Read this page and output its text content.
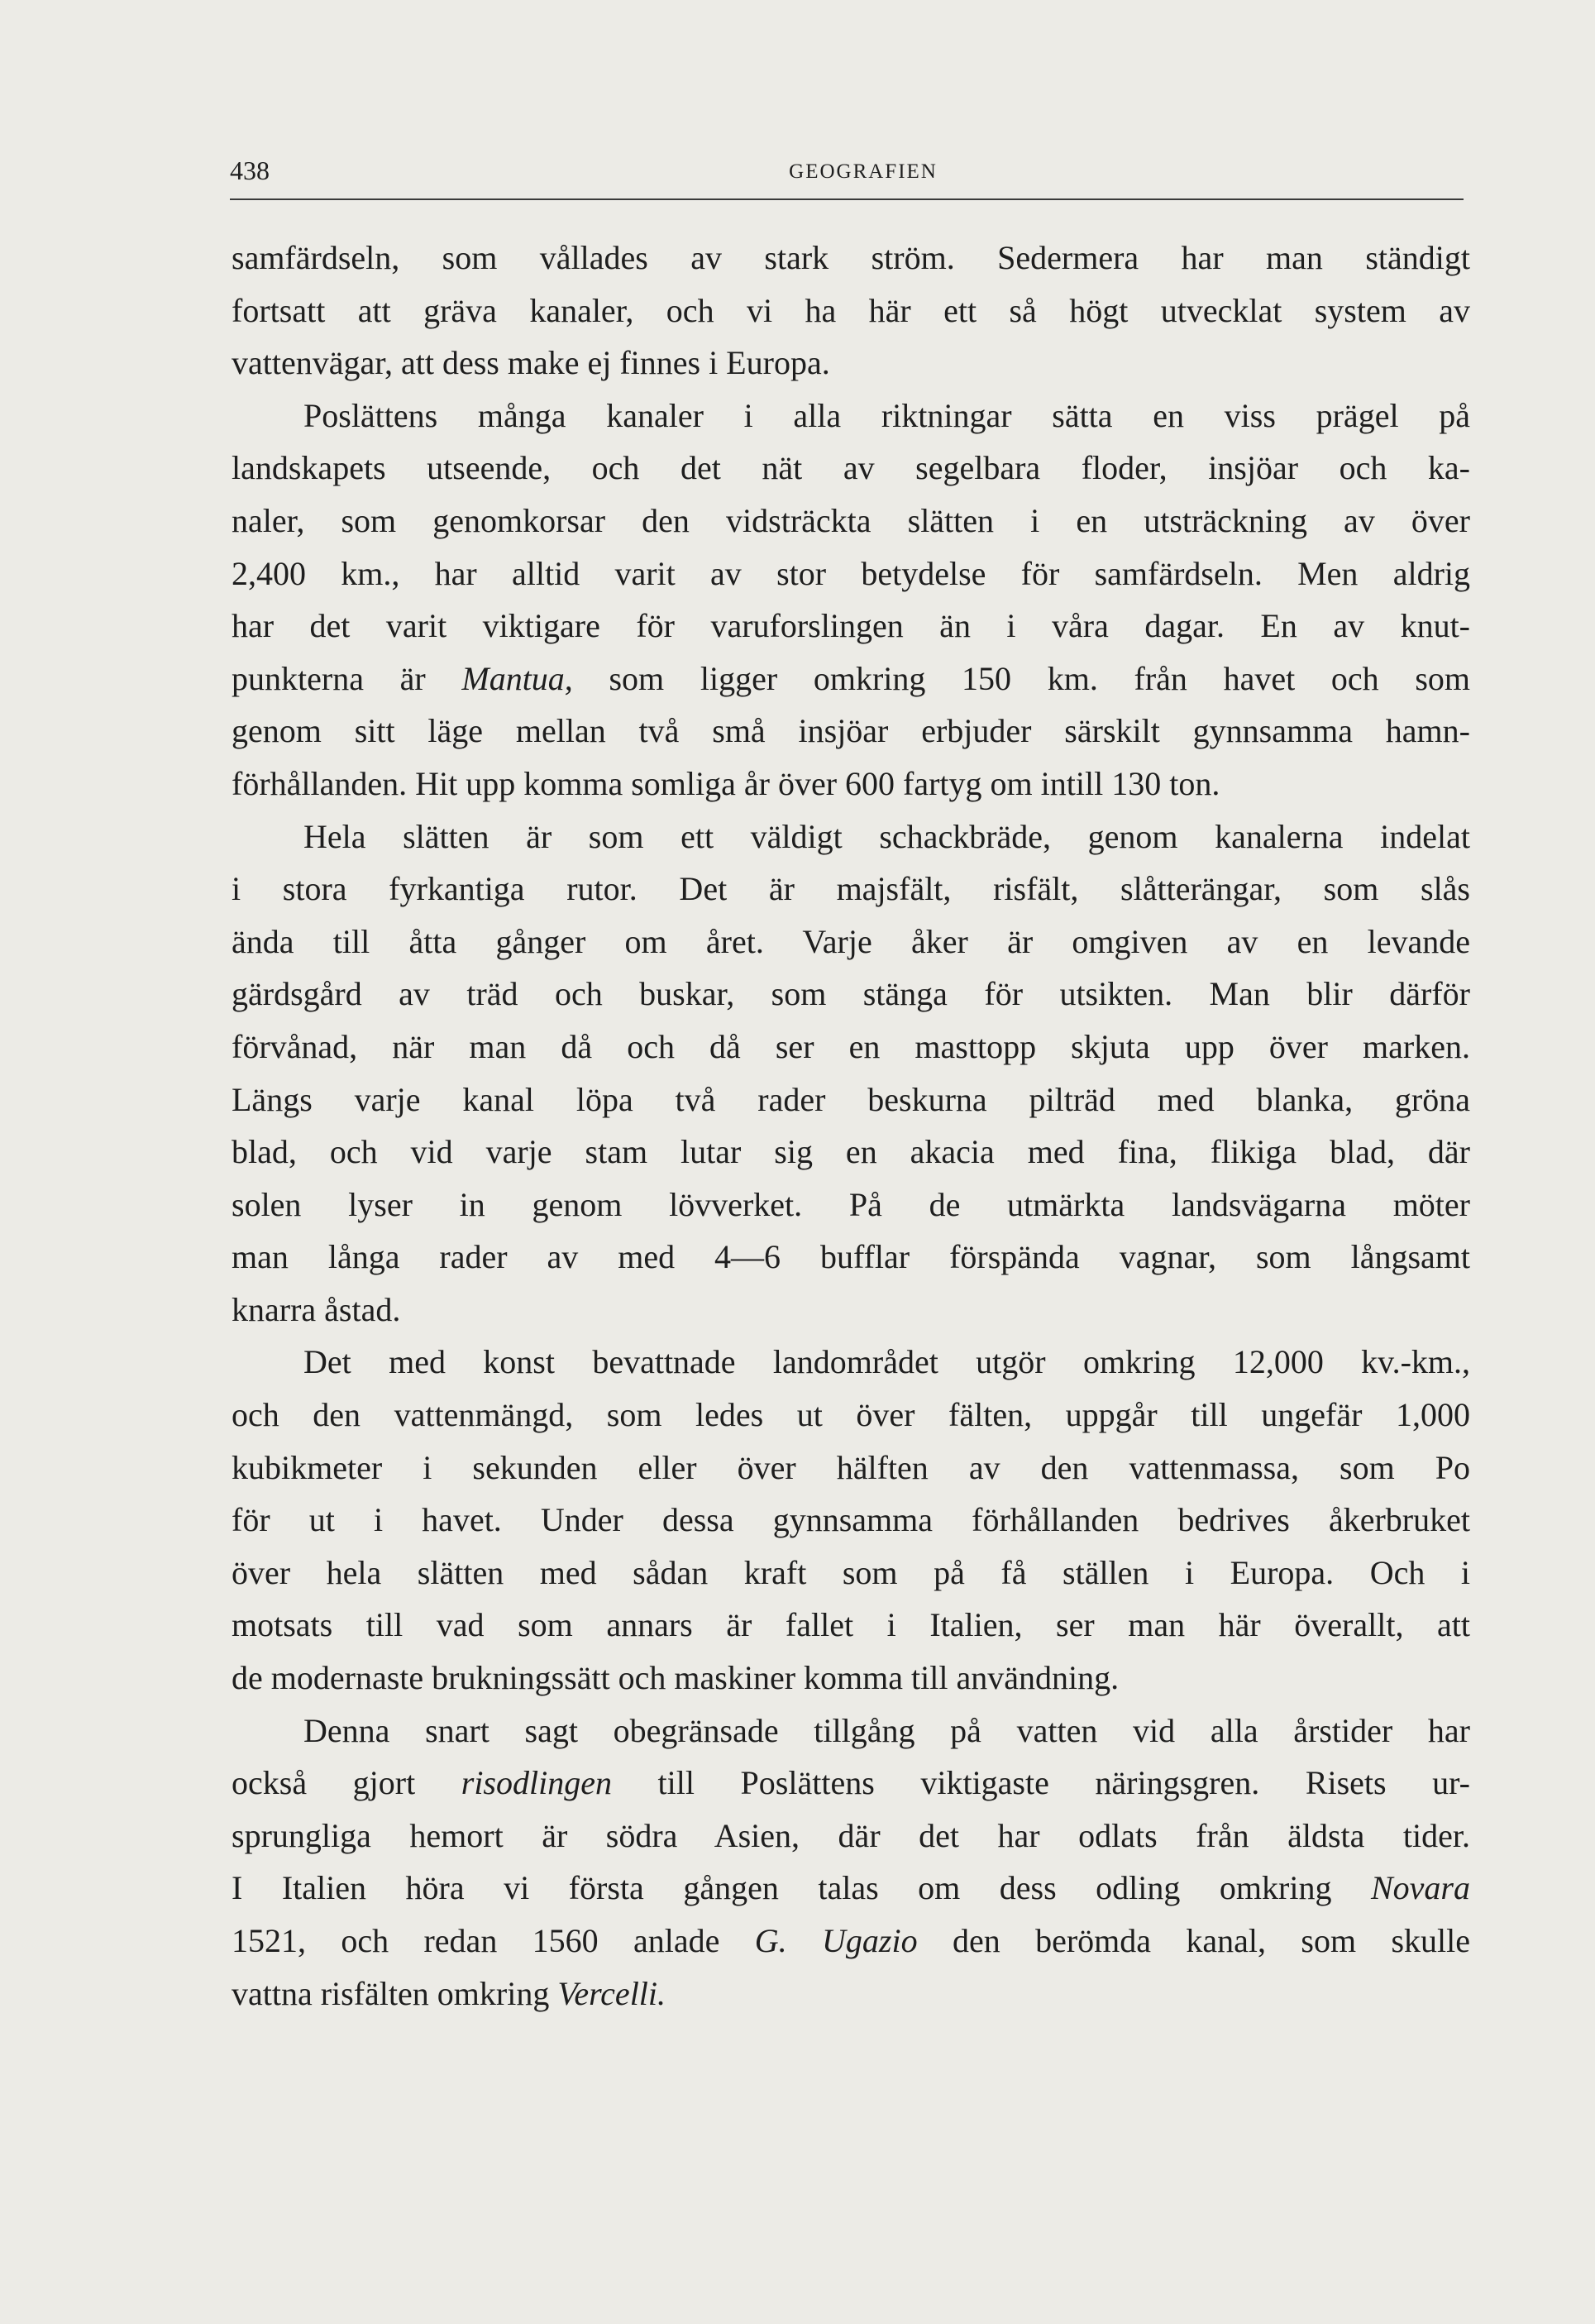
438	GEOGRAFIEN
samfärdseln, som vållades av stark ström. Sedermera har man ständigt
fortsatt att gräva kanaler, och vi ha här ett så högt utvecklat system av
vattenvägar, att dess make ej finnes i Europa.
Poslättens många kanaler i alla riktningar sätta en viss prägel på
landskapets utseende, och det nät av segelbara floder, insjöar och ka-
naler, som genomkorsar den vidsträckta slätten i en utsträckning av över
2,400 km., har alltid varit av stor betydelse för samfärdseln. Men aldrig
har det varit viktigare för varuforslingen än i våra dagar. En av knut-
punkterna är Mantua, som ligger omkring 150 km. från havet och som
genom sitt läge mellan två små insjöar erbjuder särskilt gynnsamma hamn-
förhållanden. Hit upp komma somliga år över 600 fartyg om intill 130 ton.
Hela slätten är som ett väldigt schackbräde, genom kanalerna indelat
i stora fyrkantiga rutor. Det är majsfält, risfält, slåtterängar, som slås
ända till åtta gånger om året. Varje åker är omgiven av en levande
gärdsgård av träd och buskar, som stänga för utsikten. Man blir därför
förvånad, när man då och då ser en masttopp skjuta upp över marken.
Längs varje kanal löpa två rader beskurna pilträd med blanka, gröna
blad, och vid varje stam lutar sig en akacia med fina, flikiga blad, där
solen lyser in genom lövverket. På de utmärkta landsvägarna möter
man långa rader av med 4—6 bufflar förspända vagnar, som långsamt
knarra åstad.
Det med konst bevattnade landområdet utgör omkring 12,000 kv.-km.,
och den vattenmängd, som ledes ut över fälten, uppgår till ungefär 1,000
kubikmeter i sekunden eller över hälften av den vattenmassa, som Po
för ut i havet. Under dessa gynnsamma förhållanden bedrives åkerbruket
över hela slätten med sådan kraft som på få ställen i Europa. Och i
motsats till vad som annars är fallet i Italien, ser man här överallt, att
de modernaste brukningssätt och maskiner komma till användning.
Denna snart sagt obegränsade tillgång på vatten vid alla årstider har
också gjort risodlingen till Poslättens viktigaste näringsgren. Risets ur-
sprungliga hemort är södra Asien, där det har odlats från äldsta tider.
I Italien höra vi första gången talas om dess odling omkring Novara
1521, och redan 1560 anlade G. Ugazio den berömda kanal, som skulle
vattna risfälten omkring Vercelli.
